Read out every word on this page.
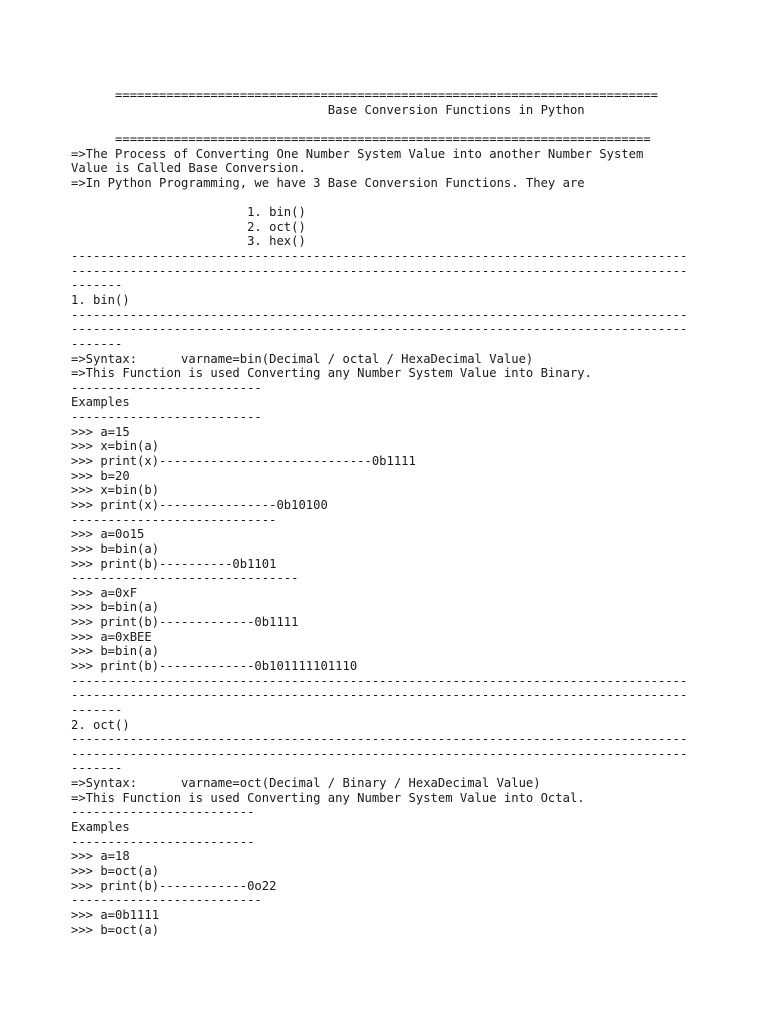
==========================================================================
Base Conversion Functions in Python
=========================================================================
=>The Process of Converting One Number System Value into another Number System
Value is Called Base Conversion.
=>In Python Programming, we have 3 Base Conversion Functions. They are
1. bin()
2. oct()
3. hex()
------------------------------------------------------------------------------------
------------------------------------------------------------------------------------
-------
1. bin()
------------------------------------------------------------------------------------
------------------------------------------------------------------------------------
-------
=>Syntax:      varname=bin(Decimal / octal / HexaDecimal Value)
=>This Function is used Converting any Number System Value into Binary.
--------------------------
Examples
--------------------------
>>> a=15
>>> x=bin(a)
>>> print(x)-----------------------------0b1111
>>> b=20
>>> x=bin(b)
>>> print(x)----------------0b10100
----------------------------
>>> a=0o15
>>> b=bin(a)
>>> print(b)----------0b1101
-------------------------------
>>> a=0xF
>>> b=bin(a)
>>> print(b)-------------0b1111
>>> a=0xBEE
>>> b=bin(a)
>>> print(b)-------------0b101111101110
------------------------------------------------------------------------------------
------------------------------------------------------------------------------------
-------
2. oct()
------------------------------------------------------------------------------------
------------------------------------------------------------------------------------
-------
=>Syntax:      varname=oct(Decimal / Binary / HexaDecimal Value)
=>This Function is used Converting any Number System Value into Octal.
-------------------------
Examples
-------------------------
>>> a=18
>>> b=oct(a)
>>> print(b)------------0o22
--------------------------
>>> a=0b1111
>>> b=oct(a)
